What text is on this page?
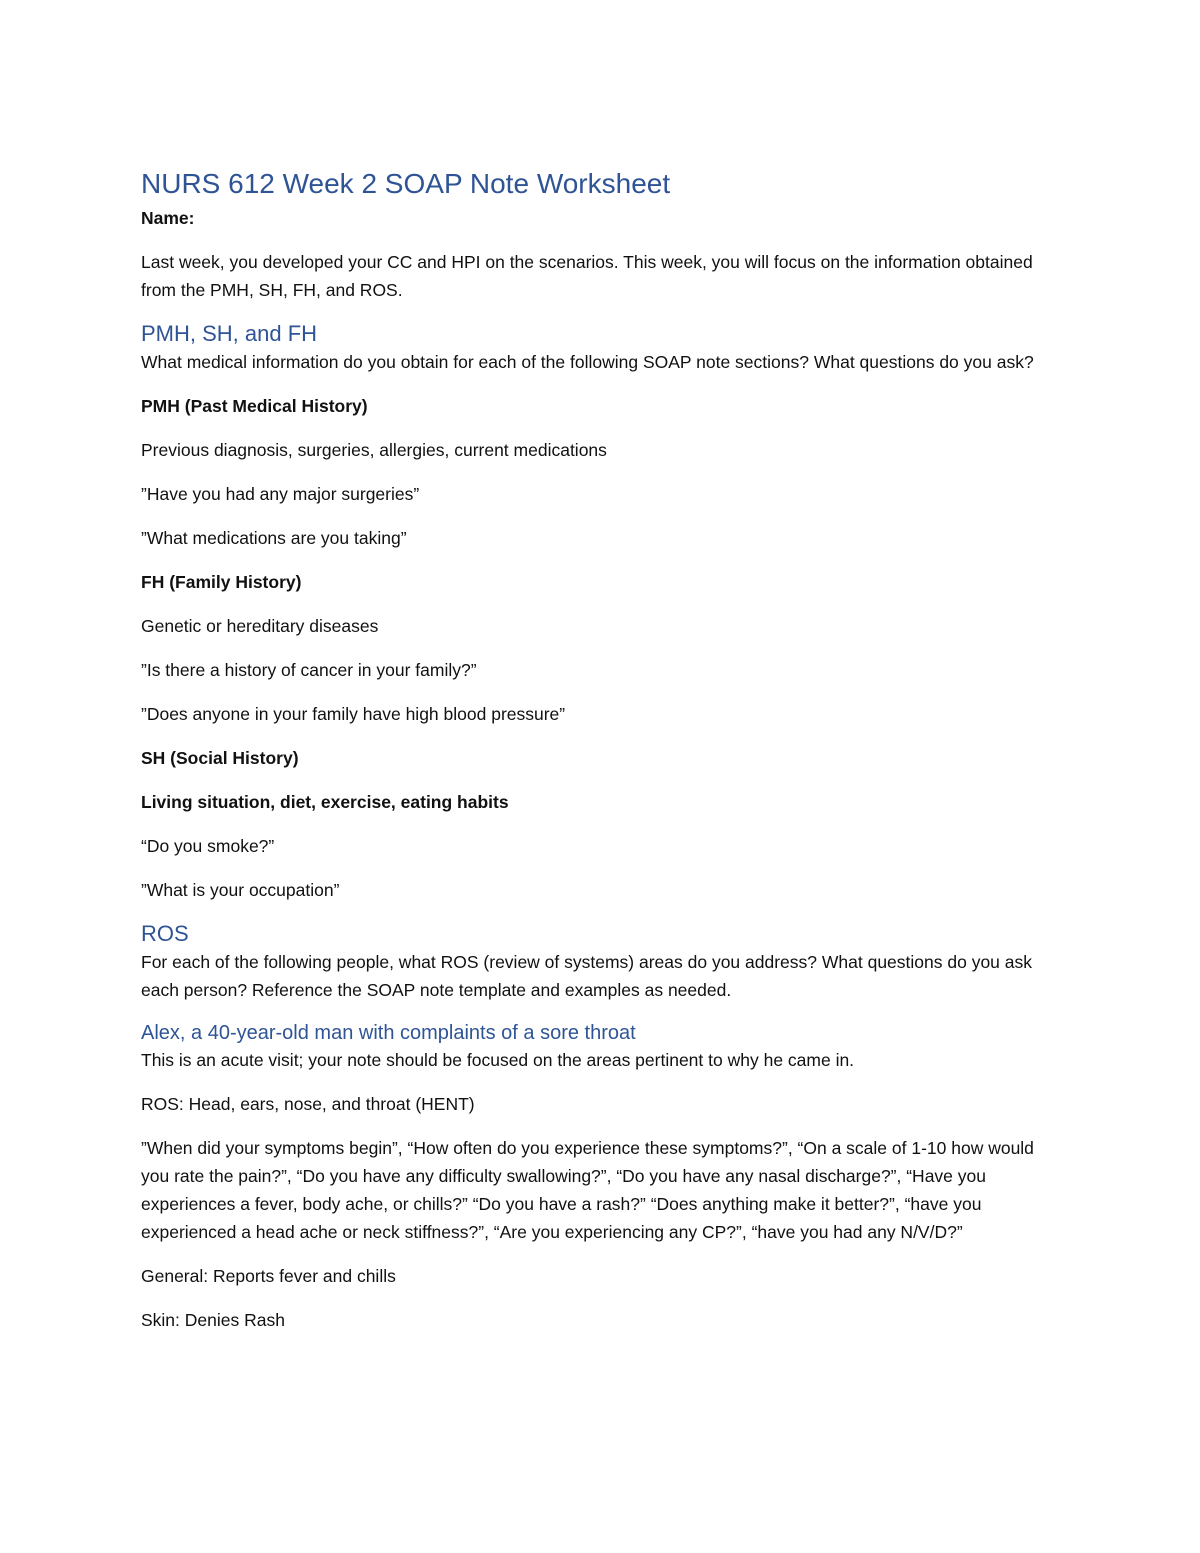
NURS 612 Week 2 SOAP Note Worksheet

Name:

Last week, you developed your CC and HPI on the scenarios. This week, you will focus on the information obtained from the PMH, SH, FH, and ROS.

PMH, SH, and FH

What medical information do you obtain for each of the following SOAP note sections? What questions do you ask?

PMH (Past Medical History)

Previous diagnosis, surgeries, allergies, current medications

”Have you had any major surgeries”

”What medications are you taking”

FH (Family History)

Genetic or hereditary diseases

”Is there a history of cancer in your family?”

”Does anyone in your family have high blood pressure”

SH (Social History)

Living situation, diet, exercise, eating habits

“Do you smoke?”

”What is your occupation”

ROS

For each of the following people, what ROS (review of systems) areas do you address? What questions do you ask each person? Reference the SOAP note template and examples as needed.

Alex, a 40-year-old man with complaints of a sore throat

This is an acute visit; your note should be focused on the areas pertinent to why he came in.

ROS: Head, ears, nose, and throat (HENT)

”When did your symptoms begin”, “How often do you experience these symptoms?”, “On a scale of 1-10 how would you rate the pain?”, “Do you have any difficulty swallowing?”, “Do you have any nasal discharge?”, “Have you experiences a fever, body ache, or chills?” “Do you have a rash?” “Does anything make it better?”, “have you experienced a head ache or neck stiffness?”, “Are you experiencing any CP?”, “have you had any N/V/D?”

General: Reports fever and chills

Skin: Denies Rash
